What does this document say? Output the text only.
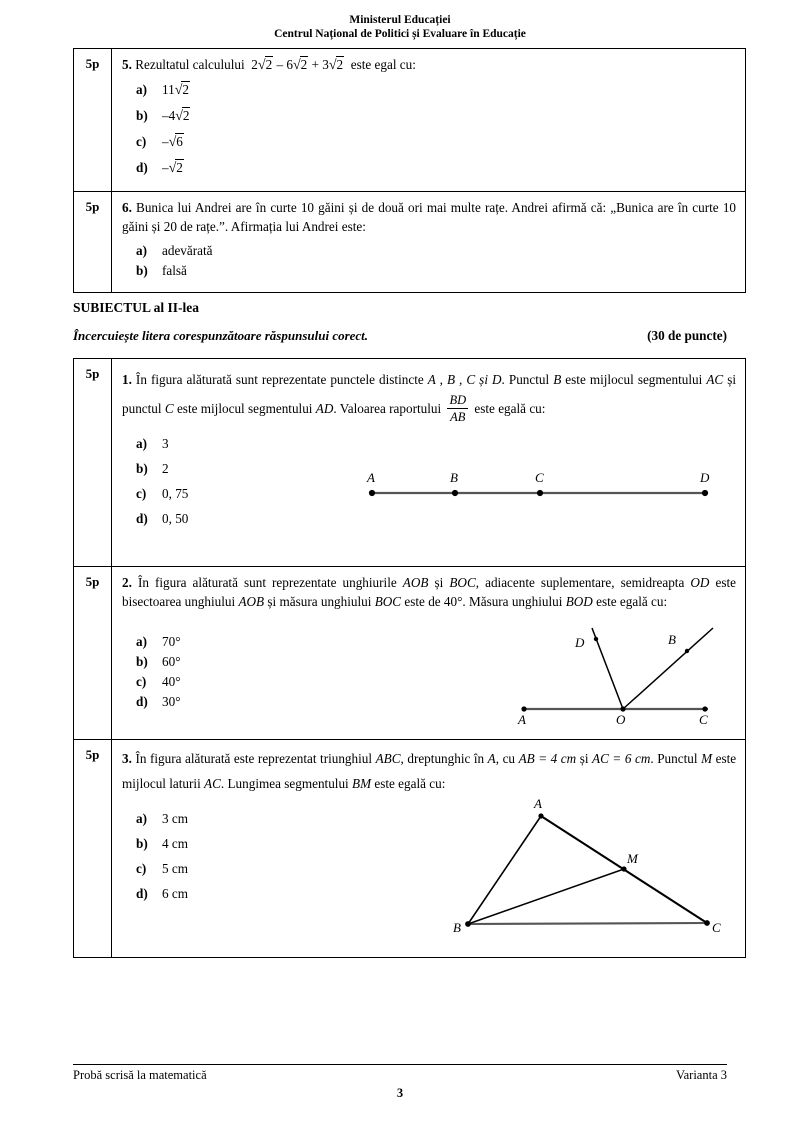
Ministerul Educației
Centrul Național de Politici și Evaluare în Educație
5p	5. Rezultatul calculului  2√2 – 6√2 + 3√2 este egal cu:
a)	11√2
b)	–4√2
c)	–√6
d)	–√2

5p	6. Bunica lui Andrei are în curte 10 găini și de două ori mai multe rațe. Andrei afirmă că: „Bunica are în curte 10 găini și 20 de rațe.”. Afirmația lui Andrei este:
a)	adevărată
b)	falsă
SUBIECTUL al II-lea
Încercuiește litera corespunzătoare răspunsului corect.	(30 de puncte)
5p	1. În figura alăturată sunt reprezentate punctele distincte A , B , C și D. Punctul B este mijlocul segmentului AC și punctul C este mijlocul segmentului AD. Valoarea raportului $\frac{BD}{AB}$ este egală cu:
a)	3
b)	2
c)	0, 75
d)	0, 50

5p	2. În figura alăturată sunt reprezentate unghiurile AOB și BOC, adiacente suplementare, semidreapta OD este bisectoarea unghiului AOB și măsura unghiului BOC este de 40°. Măsura unghiului BOD este egală cu:
a)	70°
b)	60°
c)	40°
d)	30°

5p	3. În figura alăturată este reprezentat triunghiul ABC, dreptunghic în A, cu AB = 4 cm și AC = 6 cm. Punctul M este mijlocul laturii AC. Lungimea segmentului BM este egală cu:
a)	3 cm
b)	4 cm
c)	5 cm
d)	6 cm
A	B	C	D
A	O	C
D	B
A
B	C
M
Probă scrisă la matematică	Varianta 3
3
